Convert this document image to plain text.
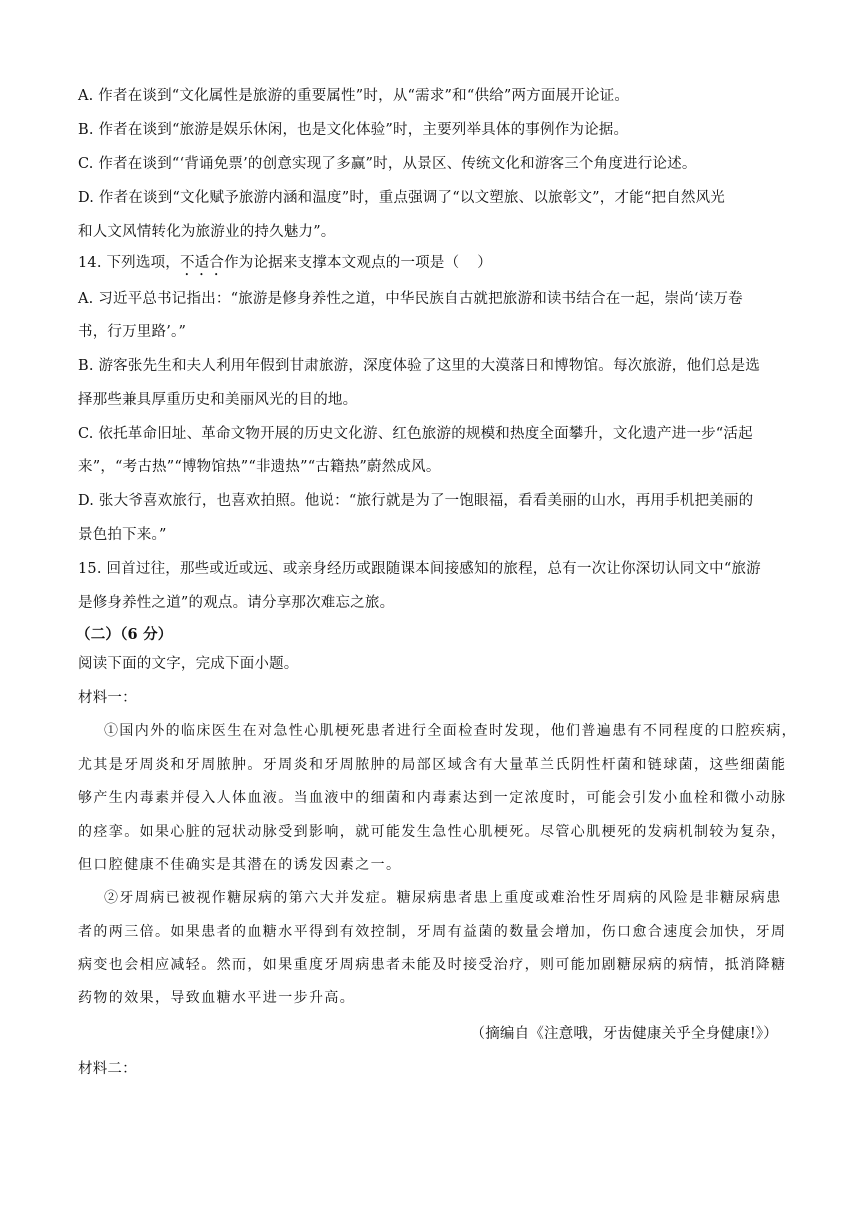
A. 作者在谈到“文化属性是旅游的重要属性”时，从“需求”和“供给”两方面展开论证。
B. 作者在谈到“旅游是娱乐休闲，也是文化体验”时，主要列举具体的事例作为论据。
C. 作者在谈到“‘背诵免票’的创意实现了多赢”时，从景区、传统文化和游客三个角度进行论述。
D. 作者在谈到“文化赋予旅游内涵和温度”时，重点强调了“以文塑旅、以旅彰文”，才能“把自然风光
和人文风情转化为旅游业的持久魅力”。
14. 下列选项，不适合作为论据来支撑本文观点的一项是（ ）
A. 习近平总书记指出：“旅游是修身养性之道，中华民族自古就把旅游和读书结合在一起，崇尚‘读万卷
书，行万里路’。”
B. 游客张先生和夫人利用年假到甘肃旅游，深度体验了这里的大漠落日和博物馆。每次旅游，他们总是选
择那些兼具厚重历史和美丽风光的目的地。
C. 依托革命旧址、革命文物开展的历史文化游、红色旅游的规模和热度全面攀升，文化遗产进一步“活起
来”，“考古热”“博物馆热”“非遗热”“古籍热”蔚然成风。
D. 张大爷喜欢旅行，也喜欢拍照。他说：“旅行就是为了一饱眼福，看看美丽的山水，再用手机把美丽的
景色拍下来。”
15. 回首过往，那些或近或远、或亲身经历或跟随课本间接感知的旅程，总有一次让你深切认同文中“旅游
是修身养性之道”的观点。请分享那次难忘之旅。
（二）（6 分）
阅读下面的文字，完成下面小题。
材料一：
①国内外的临床医生在对急性心肌梗死患者进行全面检查时发现，他们普遍患有不同程度的口腔疾病，
尤其是牙周炎和牙周脓肿。牙周炎和牙周脓肿的局部区域含有大量革兰氏阴性杆菌和链球菌，这些细菌能
够产生内毒素并侵入人体血液。当血液中的细菌和内毒素达到一定浓度时，可能会引发小血栓和微小动脉
的痉挛。如果心脏的冠状动脉受到影响，就可能发生急性心肌梗死。尽管心肌梗死的发病机制较为复杂，
但口腔健康不佳确实是其潜在的诱发因素之一。
②牙周病已被视作糖尿病的第六大并发症。糖尿病患者患上重度或难治性牙周病的风险是非糖尿病患
者的两三倍。如果患者的血糖水平得到有效控制，牙周有益菌的数量会增加，伤口愈合速度会加快，牙周
病变也会相应减轻。然而，如果重度牙周病患者未能及时接受治疗，则可能加剧糖尿病的病情，抵消降糖
药物的效果，导致血糖水平进一步升高。
（摘编自《注意哦，牙齿健康关乎全身健康!》）
材料二：
